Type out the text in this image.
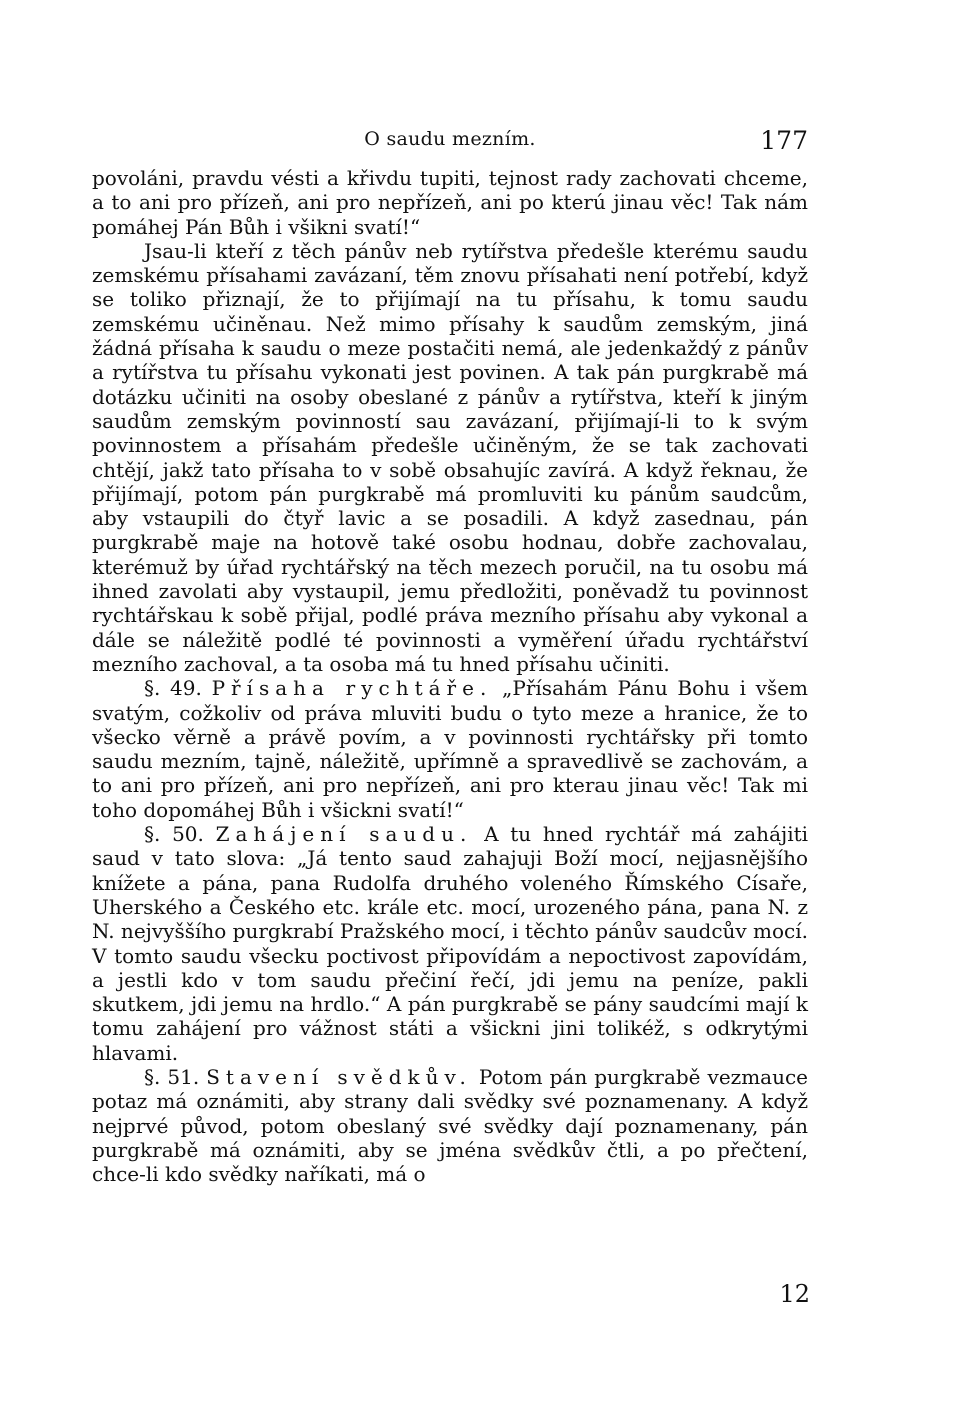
O saudu mezním.	177

povoláni, pravdu vésti a křivdu tupiti, tejnost rady zachovati chceme, a to ani pro přízeň, ani pro nepřízeň, ani po kterú jinau věc! Tak nám pomáhej Pán Bůh i všikni svatí!“

Jsau-li kteří z těch pánův neb rytířstva předešle kterému saudu zemskému přísahami zavázaní, těm znovu přísahati není potřebí, když se toliko přiznají, že to přijímají na tu přísahu, k tomu saudu zemskému učiněnau. Než mimo přísahy k saudům zemským, jiná žádná přísaha k saudu o meze postačiti nemá, ale jedenkaždý z pánův a rytířstva tu přísahu vykonati jest povinen. A tak pán purgkrabě má dotázku učiniti na osoby obeslané z pánův a rytířstva, kteří k jiným saudům zemským povinností sau zavázaní, přijímají-li to k svým povinnostem a přísahám předešle učiněným, že se tak zachovati chtějí, jakž tato přísaha to v sobě obsahujíc zavírá. A když řeknau, že přijímají, potom pán purgkrabě má promluviti ku pánům saudcům, aby vstaupili do čtyř lavic a se posadili. A když zasednau, pán purgkrabě maje na hotově také osobu hodnau, dobře zachovalau, kterémuž by úřad rychtářský na těch mezech poručil, na tu osobu má ihned zavolati aby vystaupil, jemu předložiti, poněvadž tu povinnost rychtářskau k sobě přijal, podlé práva mezního přísahu aby vykonal a dále se náležitě podlé té povinnosti a vyměření úřadu rychtářství mezního zachoval, a ta osoba má tu hned přísahu učiniti.

§. 49. Přísaha rychtáře. „Přísahám Pánu Bohu i všem svatým, cožkoliv od práva mluviti budu o tyto meze a hranice, že to všecko věrně a právě povím, a v povinnosti rychtářsky při tomto saudu mezním, tajně, náležitě, upřímně a spravedlivě se zachovám, a to ani pro přízeň, ani pro nepřízeň, ani pro kterau jinau věc! Tak mi toho dopomáhej Bůh i všickni svatí!“

§. 50. Zahájení saudu. A tu hned rychtář má zahájiti saud v tato slova: „Já tento saud zahajuji Boží mocí, nejjasnějšího knížete a pána, pana Rudolfa druhého voleného Římského Císaře, Uherského a Českého etc. krále etc. mocí, urozeného pána, pana N. z N. nejvyššího purgkrabí Pražského mocí, i těchto pánův saudcův mocí. V tomto saudu všecku poctivost připovídám a nepoctivost zapovídám, a jestli kdo v tom saudu přečiní řečí, jdi jemu na peníze, pakli skutkem, jdi jemu na hrdlo.“ A pán purgkrabě se pány saudcími mají k tomu zahájení pro vážnost státi a všickni jini tolikéž, s odkrytými hlavami.

§. 51. Stavení svědkův. Potom pán purgkrabě vezmauce potaz má oznámiti, aby strany dali svědky své poznamenany. A když nejprvé původ, potom obeslaný své svědky dají poznamenany, pán purgkrabě má oznámiti, aby se jména svědkův čtli, a po přečtení, chce-li kdo svědky naříkati, má o

12
